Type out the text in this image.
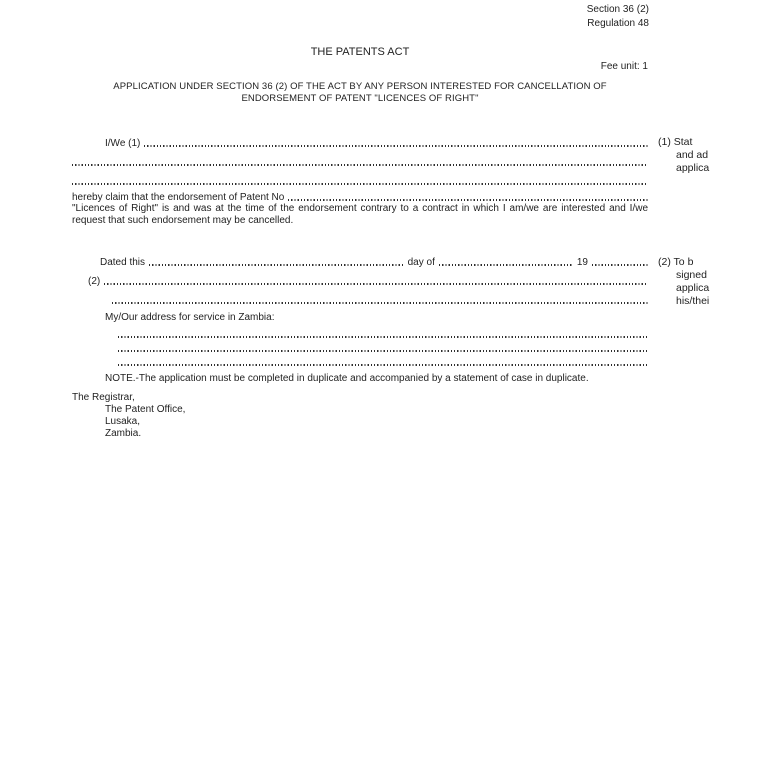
Section 36 (2)
Regulation 48
THE PATENTS ACT
Fee unit: 1
APPLICATION UNDER SECTION 36 (2) OF THE ACT BY ANY PERSON INTERESTED FOR CANCELLATION OF
ENDORSEMENT OF PATENT "LICENCES OF RIGHT"
I/We (1)
hereby claim that the endorsement of Patent No

"Licences of Right" is and was at the time of the endorsement contrary to a contract in which I am/we are interested and I/we request that such endorsement may be cancelled.

Dated this	day of	19
(2)
My/Our address for service in Zambia:
NOTE.-The application must be completed in duplicate and accompanied by a statement of case in duplicate.
The Registrar,
The Patent Office,
Lusaka,
Zambia.
(1) Stat
and ad
applica
(2) To b
signed
applica
his/thei
